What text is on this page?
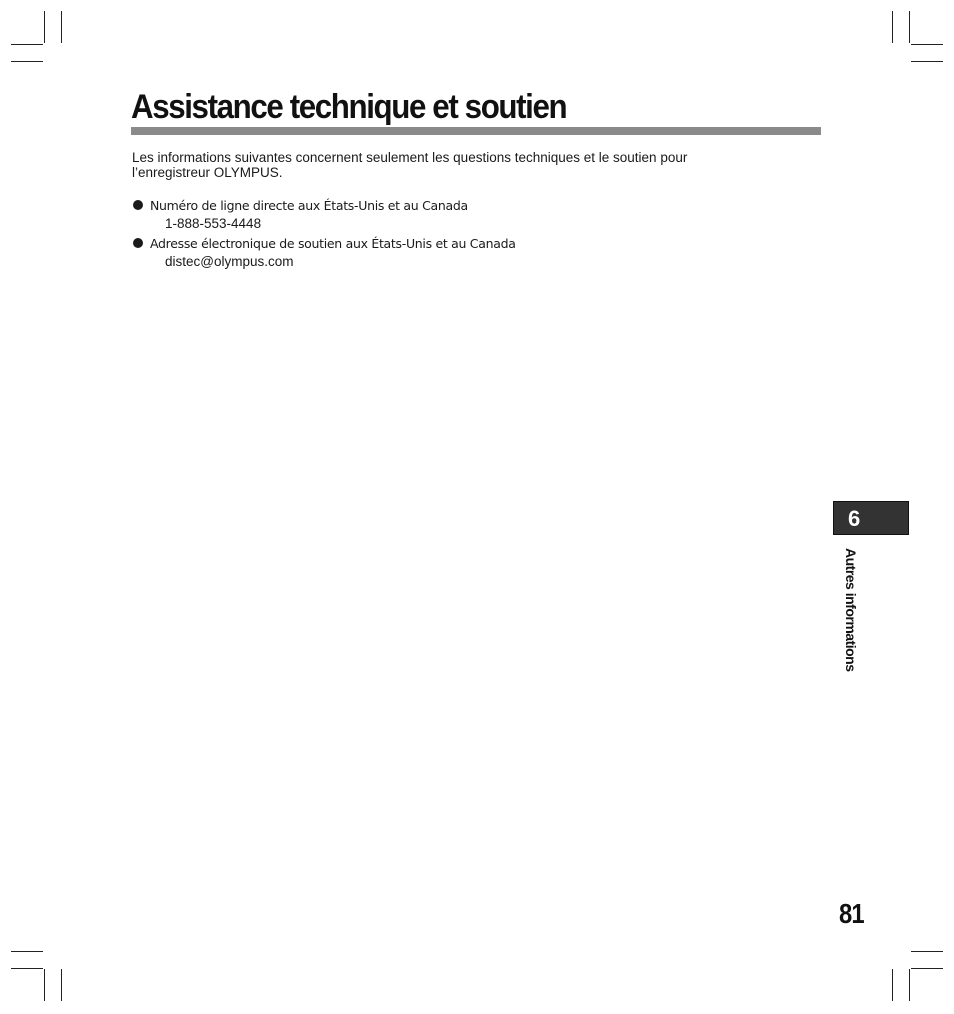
Assistance technique et soutien

Les informations suivantes concernent seulement les questions techniques et le soutien pour
l’enregistreur OLYMPUS.

Numéro de ligne directe aux États-Unis et au Canada
1-888-553-4448
Adresse électronique de soutien aux États-Unis et au Canada
distec@olympus.com
6
Autres informations
81
